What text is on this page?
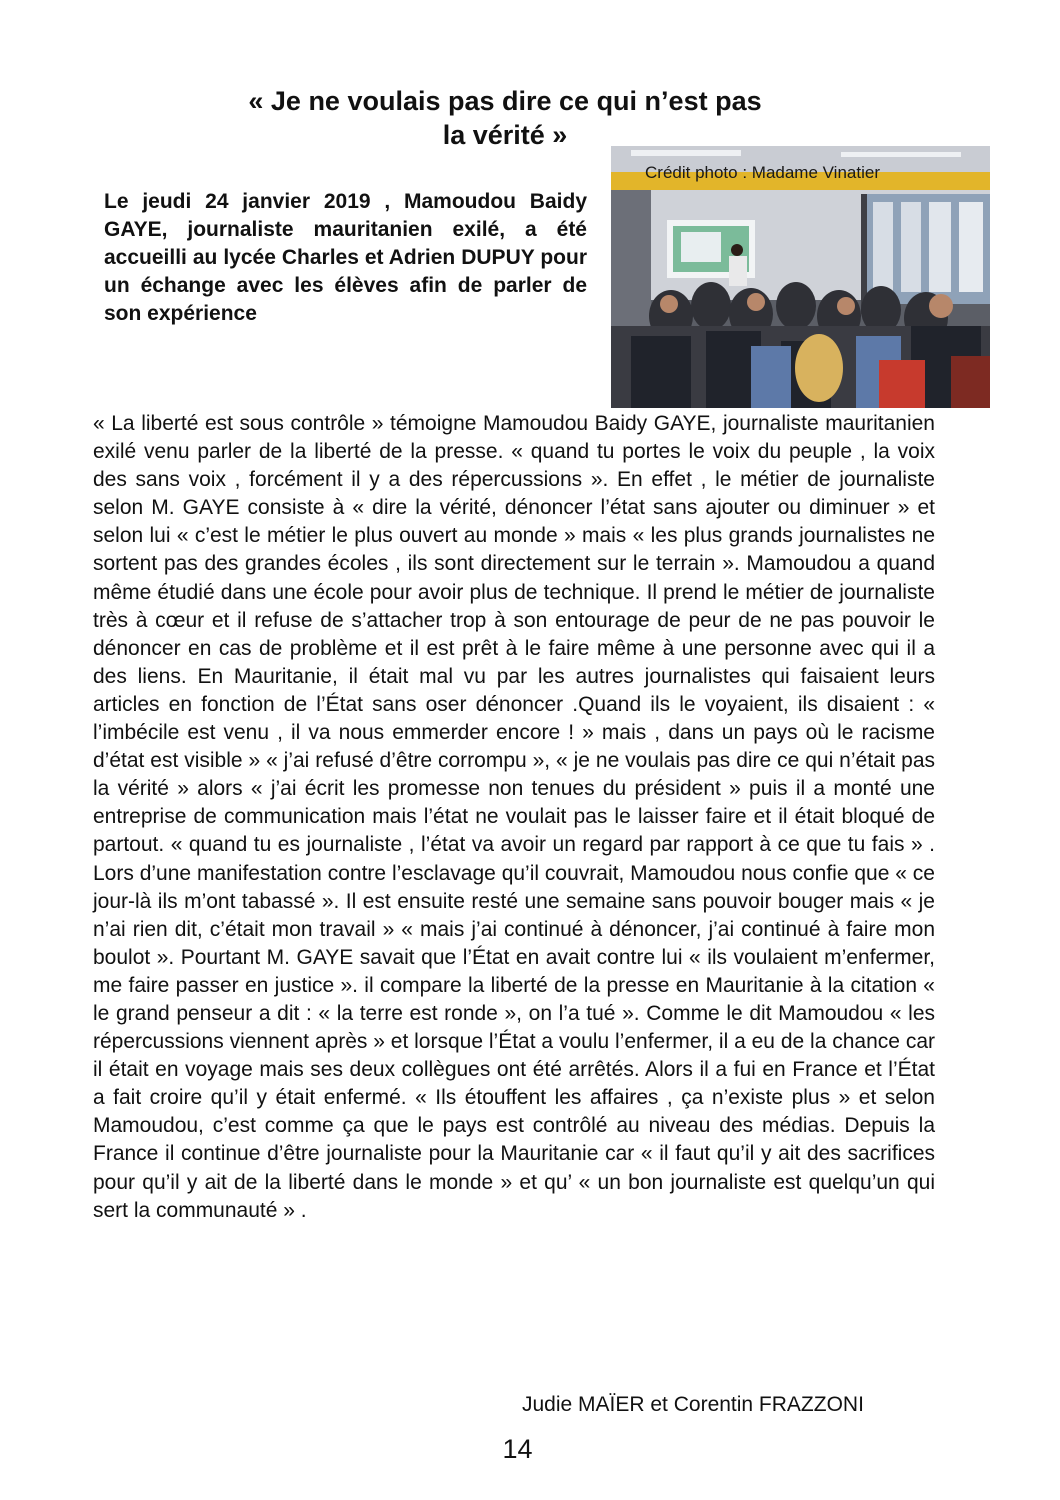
« Je ne voulais pas dire ce qui n’est pas
la vérité »
Le jeudi 24 janvier 2019 , Mamoudou Baidy GAYE, journaliste mauritanien exilé, a été accueilli au lycée Charles et Adrien DUPUY pour un échange avec les élèves afin de parler de son expérience
Crédit photo : Madame Vinatier
« La liberté est sous contrôle » témoigne Mamoudou Baidy GAYE, journaliste mauritanien exilé venu parler de la liberté de la presse. « quand tu portes le voix du peuple , la voix des sans voix , forcément il y a des répercussions ». En effet , le métier de journaliste selon M. GAYE consiste à « dire la vérité, dénoncer l’état sans ajouter ou diminuer » et selon lui « c’est le métier le plus ouvert au monde » mais « les plus grands journalistes ne sortent pas des grandes écoles , ils sont directement sur le terrain ». Mamoudou a quand même étudié dans une école pour avoir plus de technique. Il prend le métier de journaliste très à cœur et il refuse de s’attacher trop à son entourage de peur de ne pas pouvoir le dénoncer en cas de problème et il est prêt à le faire même à une personne avec qui il a des liens. En Mauritanie, il était mal vu par les autres journalistes qui faisaient leurs articles en fonction de l’État sans oser dénoncer .Quand ils le voyaient, ils disaient : « l’imbécile est venu , il va nous emmerder encore ! » mais , dans un pays où le racisme d’état est visible » « j’ai refusé d’être corrompu », « je ne voulais pas dire ce qui n’était pas la vérité » alors « j’ai écrit les promesse non tenues du président » puis il a monté une entreprise de communication mais l’état ne voulait pas le laisser faire et il était bloqué de partout. « quand tu es journaliste , l’état va avoir un regard par rapport à ce que tu fais » . Lors d’une manifestation contre l’esclavage qu’il couvrait, Mamoudou nous confie que « ce jour-là ils m’ont tabassé ». Il est ensuite resté une semaine sans pouvoir bouger mais « je n’ai rien dit, c’était mon travail » « mais j’ai continué à dénoncer, j’ai continué à faire mon boulot ». Pourtant M. GAYE savait que l’État en avait contre lui « ils voulaient m’enfermer, me faire passer en justice ». il compare la liberté de la presse en Mauritanie à la citation « le grand penseur a dit : « la terre est ronde », on l’a tué ». Comme le dit Mamoudou « les répercussions viennent après » et lorsque l’État a voulu l’enfermer, il a eu de la chance car il était en voyage mais ses deux collègues ont été arrêtés. Alors il a fui en France et l’État a fait croire qu’il y était enfermé. « Ils étouffent les affaires , ça n’existe plus » et selon Mamoudou, c’est comme ça que le pays est contrôlé au niveau des médias. Depuis la France il continue d’être journaliste pour la Mauritanie car « il faut qu’il y ait des sacrifices pour qu’il y ait de la liberté dans le monde » et qu’ « un bon journaliste est quelqu’un qui sert la communauté » .
Judie MAÏER et Corentin FRAZZONI
14
